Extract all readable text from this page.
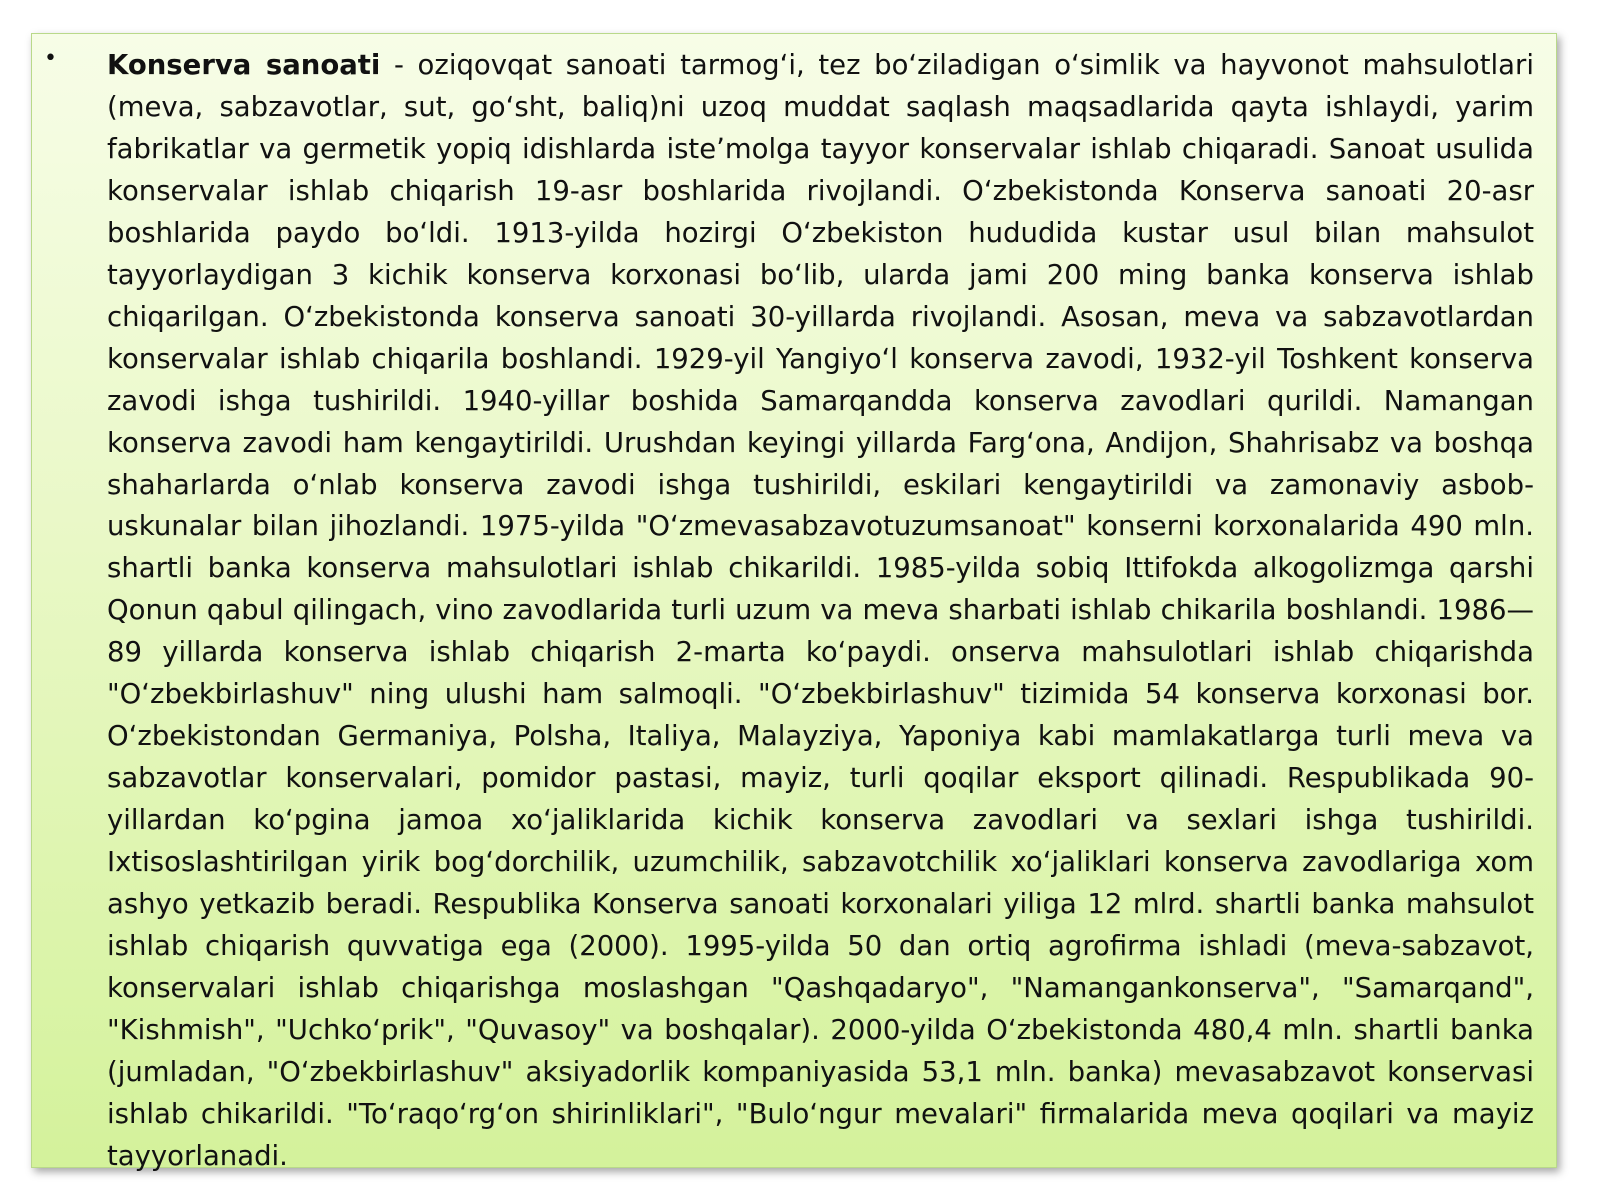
• Konserva sanoati - oziqovqat sanoati tarmogʻi, tez boʻziladigan oʻsimlik va hayvonot mahsulotlari (meva, sabzavotlar, sut, goʻsht, baliq)ni uzoq muddat saqlash maqsadlarida qayta ishlaydi, yarim fabrikatlar va germetik yopiq idishlarda isteʼmolga tayyor konservalar ishlab chiqaradi. Sanoat usulida konservalar ishlab chiqarish 19-asr boshlarida rivojlandi. Oʻzbekistonda Konserva sanoati 20-asr boshlarida paydo boʻldi. 1913-yilda hozirgi Oʻzbekiston hududida kustar usul bilan mahsulot tayyorlaydigan 3 kichik konserva korxonasi boʻlib, ularda jami 200 ming banka konserva ishlab chiqarilgan. Oʻzbekistonda konserva sanoati 30-yillarda rivojlandi. Asosan, meva va sabzavotlardan konservalar ishlab chiqarila boshlandi. 1929-yil Yangiyoʻl konserva zavodi, 1932-yil Toshkent konserva zavodi ishga tushirildi. 1940-yillar boshida Samarqandda konserva zavodlari qurildi. Namangan konserva zavodi ham kengaytirildi. Urushdan keyingi yillarda Fargʻona, Andijon, Shahrisabz va boshqa shaharlarda oʻnlab konserva zavodi ishga tushirildi, eskilari kengaytirildi va zamonaviy asbob-uskunalar bilan jihozlandi. 1975-yilda "Oʻzmevasabzavotuzumsanoat" konserni korxonalarida 490 mln. shartli banka konserva mahsulotlari ishlab chikarildi. 1985-yilda sobiq Ittifokda alkogolizmga qarshi Qonun qabul qilingach, vino zavodlarida turli uzum va meva sharbati ishlab chikarila boshlandi. 1986—89 yillarda konserva ishlab chiqarish 2-marta koʻpaydi. onserva mahsulotlari ishlab chiqarishda "Oʻzbekbirlashuv" ning ulushi ham salmoqli. "Oʻzbekbirlashuv" tizimida 54 konserva korxonasi bor. Oʻzbekistondan Germaniya, Polsha, Italiya, Malayziya, Yaponiya kabi mamlakatlarga turli meva va sabzavotlar konservalari, pomidor pastasi, mayiz, turli qoqilar eksport qilinadi. Respublikada 90-yillardan koʻpgina jamoa xoʻjaliklarida kichik konserva zavodlari va sexlari ishga tushirildi. Ixtisoslashtirilgan yirik bogʻdorchilik, uzumchilik, sabzavotchilik xoʻjaliklari konserva zavodlariga xom ashyo yetkazib beradi. Respublika Konserva sanoati korxonalari yiliga 12 mlrd. shartli banka mahsulot ishlab chiqarish quvvatiga ega (2000). 1995-yilda 50 dan ortiq agrofirma ishladi (meva-sabzavot, konservalari ishlab chiqarishga moslashgan "Qashqadaryo", "Namangankonserva", "Samarqand", "Kishmish", "Uchkoʻprik", "Quvasoy" va boshqalar). 2000-yilda Oʻzbekistonda 480,4 mln. shartli banka (jumladan, "Oʻzbekbirlashuv" aksiyadorlik kompaniyasida 53,1 mln. banka) mevasabzavot konservasi ishlab chikarildi. "Toʻraqoʻrgʻon shirinliklari", "Buloʻngur mevalari" firmalarida meva qoqilari va mayiz tayyorlanadi.
